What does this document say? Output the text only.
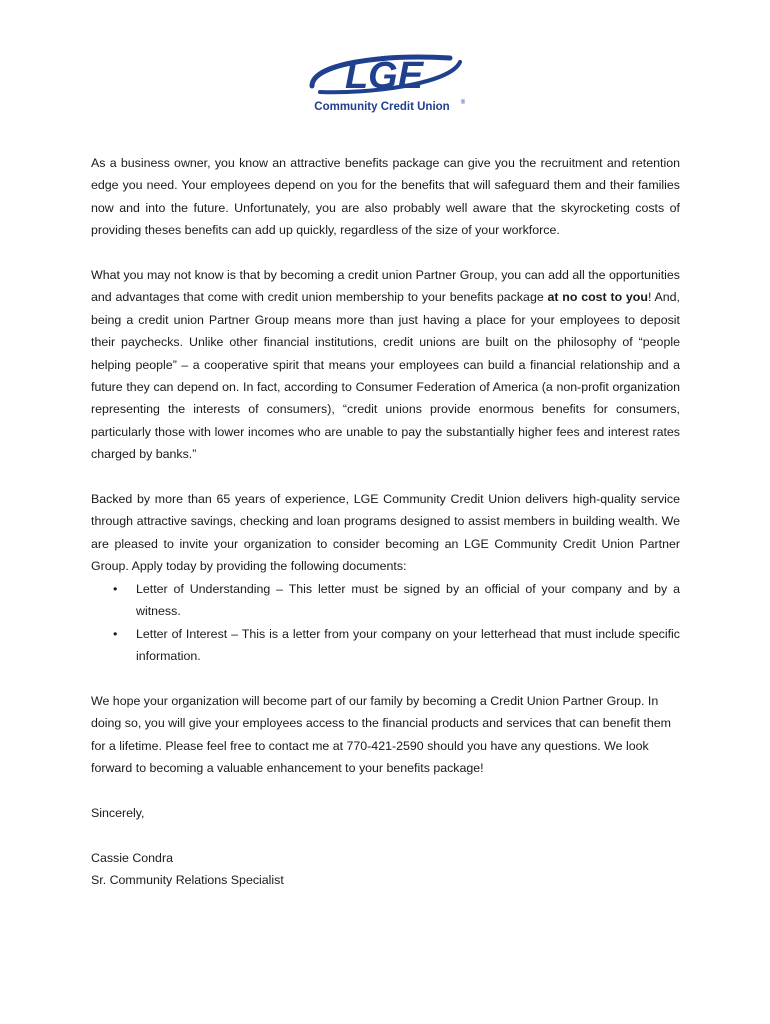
LGE
Community Credit Union ®

As a business owner, you know an attractive benefits package can give you the recruitment and retention edge you need. Your employees depend on you for the benefits that will safeguard them and their families now and into the future. Unfortunately, you are also probably well aware that the skyrocketing costs of providing theses benefits can add up quickly, regardless of the size of your workforce.

What you may not know is that by becoming a credit union Partner Group, you can add all the opportunities and advantages that come with credit union membership to your benefits package at no cost to you! And, being a credit union Partner Group means more than just having a place for your employees to deposit their paychecks. Unlike other financial institutions, credit unions are built on the philosophy of “people helping people” – a cooperative spirit that means your employees can build a financial relationship and a future they can depend on. In fact, according to Consumer Federation of America (a non-profit organization representing the interests of consumers), “credit unions provide enormous benefits for consumers, particularly those with lower incomes who are unable to pay the substantially higher fees and interest rates charged by banks.”

Backed by more than 65 years of experience, LGE Community Credit Union delivers high-quality service through attractive savings, checking and loan programs designed to assist members in building wealth. We are pleased to invite your organization to consider becoming an LGE Community Credit Union Partner Group. Apply today by providing the following documents:

• Letter of Understanding – This letter must be signed by an official of your company and by a witness.
• Letter of Interest – This is a letter from your company on your letterhead that must include specific information.

We hope your organization will become part of our family by becoming a Credit Union Partner Group. In doing so, you will give your employees access to the financial products and services that can benefit them for a lifetime. Please feel free to contact me at 770-421-2590 should you have any questions. We look forward to becoming a valuable enhancement to your benefits package!

Sincerely,

Cassie Condra

Sr. Community Relations Specialist
